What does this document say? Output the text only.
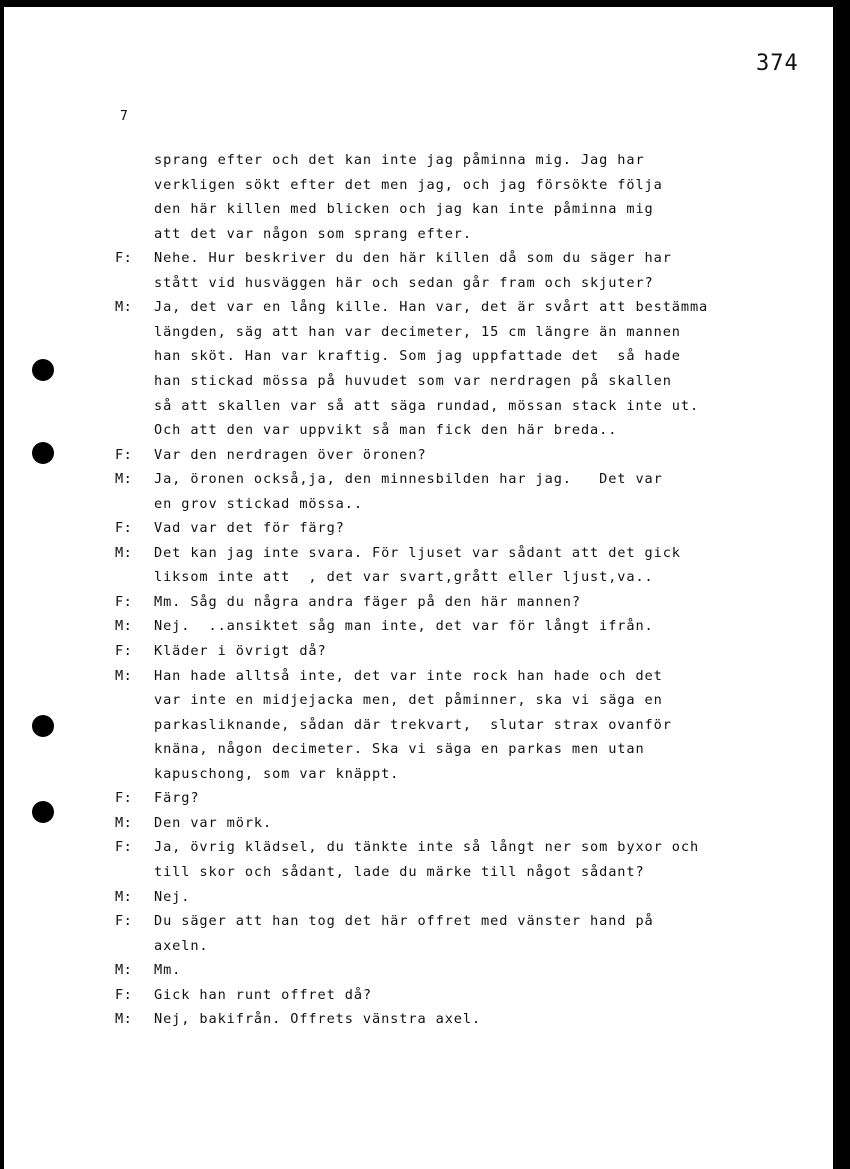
374
7
sprang efter och det kan inte jag påminna mig. Jag har
verkligen sökt efter det men jag, och jag försökte följa
den här killen med blicken och jag kan inte påminna mig
att det var någon som sprang efter.
F: Nehe. Hur beskriver du den här killen då som du säger har
stått vid husväggen här och sedan går fram och skjuter?
M: Ja, det var en lång kille. Han var, det är svårt att bestämma
längden, säg att han var decimeter, 15 cm längre än mannen
han sköt. Han var kraftig. Som jag uppfattade det  så hade
han stickad mössa på huvudet som var nerdragen på skallen
så att skallen var så att säga rundad, mössan stack inte ut.
Och att den var uppvikt så man fick den här breda..
F: Var den nerdragen över öronen?
M: Ja, öronen också,ja, den minnesbilden har jag.   Det var
en grov stickad mössa..
F: Vad var det för färg?
M: Det kan jag inte svara. För ljuset var sådant att det gick
liksom inte att  , det var svart,grått eller ljust,va..
F: Mm. Såg du några andra fäger på den här mannen?
M: Nej.  ..ansiktet såg man inte, det var för långt ifrån.
F: Kläder i övrigt då?
M: Han hade alltså inte, det var inte rock han hade och det
var inte en midjejacka men, det påminner, ska vi säga en
parkasliknande, sådan där trekvart,  slutar strax ovanför
knäna, någon decimeter. Ska vi säga en parkas men utan
kapuschong, som var knäppt.
F: Färg?
M: Den var mörk.
F: Ja, övrig klädsel, du tänkte inte så långt ner som byxor och
till skor och sådant, lade du märke till något sådant?
M: Nej.
F: Du säger att han tog det här offret med vänster hand på
axeln.
M: Mm.
F: Gick han runt offret då?
M: Nej, bakifrån. Offrets vänstra axel.
